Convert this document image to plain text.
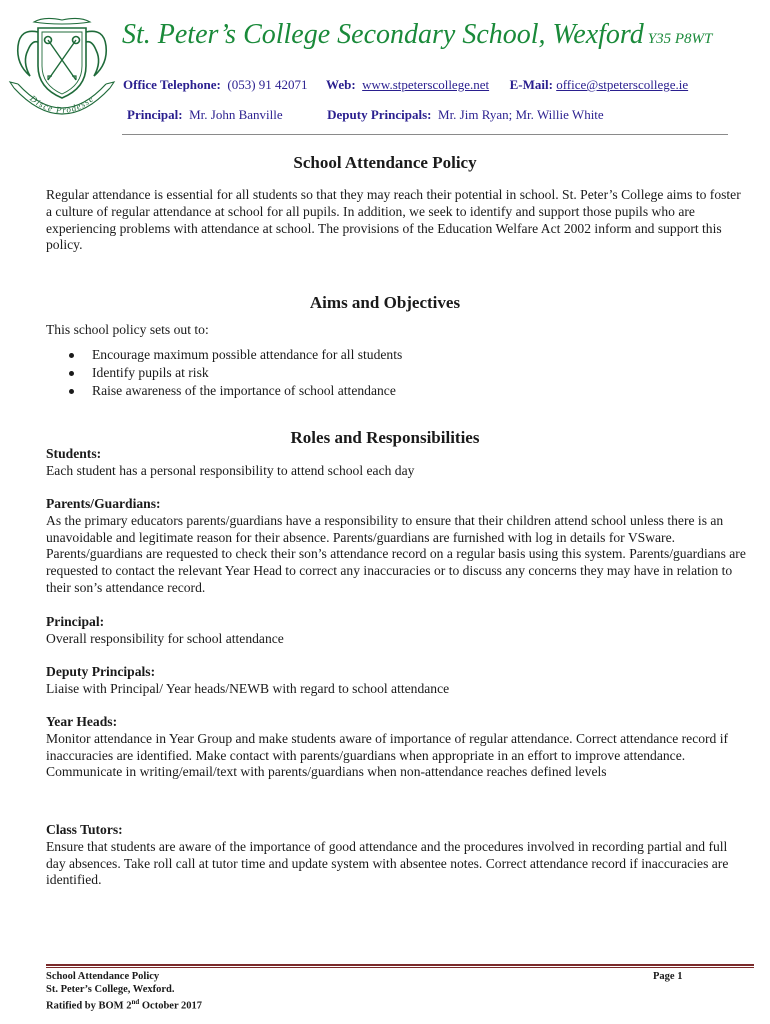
Disce Prodesse
St. Peter’s College Secondary School, Wexford Y35 P8WT
Office Telephone: (053) 91 42071 Web: www.stpeterscollege.net E-Mail: office@stpeterscollege.ie
Principal: Mr. John Banville	Deputy Principals: Mr. Jim Ryan; Mr. Willie White
School Attendance Policy

Regular attendance is essential for all students so that they may reach their potential in school. St. Peter’s College aims to foster a culture of regular attendance at school for all pupils. In addition, we seek to identify and support those pupils who are experiencing problems with attendance at school. The provisions of the Education Welfare Act 2002 inform and support this policy.

Aims and Objectives
This school policy sets out to:
Encourage maximum possible attendance for all students
Identify pupils at risk
Raise awareness of the importance of school attendance
Roles and Responsibilities

Students:

Each student has a personal responsibility to attend school each day

Parents/Guardians:

As the primary educators parents/guardians have a responsibility to ensure that their children attend school unless there is an unavoidable and legitimate reason for their absence. Parents/guardians are furnished with log in details for VSware. Parents/guardians are requested to check their son’s attendance record on a regular basis using this system. Parents/guardians are requested to contact the relevant Year Head to correct any inaccuracies or to discuss any concerns they may have in relation to their son’s attendance record.

Principal:

Overall responsibility for school attendance

Deputy Principals:

Liaise with Principal/ Year heads/NEWB with regard to school attendance

Year Heads:

Monitor attendance in Year Group and make students aware of importance of regular attendance. Correct attendance record if inaccuracies are identified. Make contact with parents/guardians when appropriate in an effort to improve attendance. Communicate in writing/email/text with parents/guardians when non-attendance reaches defined levels

Class Tutors:

Ensure that students are aware of the importance of good attendance and the procedures involved in recording partial and full day absences. Take roll call at tutor time and update system with absentee notes. Correct attendance record if inaccuracies are identified.

School Attendance Policy
St. Peter’s College, Wexford.
Ratified by BOM 2nd October 2017
Page 1
